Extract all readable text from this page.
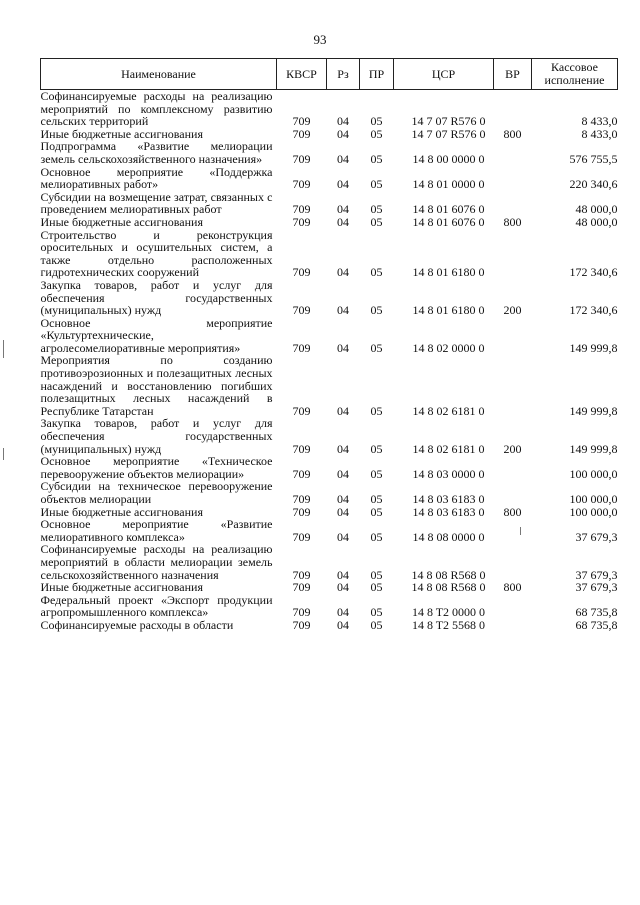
93
Наименование	КВСР	Рз	ПР	ЦСР	ВР	Кассовое исполнение
Софинансируемые расходы на реализацию мероприятий по комплексному развитию сельских территорий	709	04	05	14 7 07 R576 0		8 433,0
Иные бюджетные ассигнования	709	04	05	14 7 07 R576 0	800	8 433,0
Подпрограмма «Развитие мелиорации земель сельскохозяйственного назначения»	709	04	05	14 8 00 0000 0		576 755,5
Основное мероприятие «Поддержка мелиоративных работ»	709	04	05	14 8 01 0000 0		220 340,6
Субсидии на возмещение затрат, связанных с проведением мелиоративных работ	709	04	05	14 8 01 6076 0		48 000,0
Иные бюджетные ассигнования	709	04	05	14 8 01 6076 0	800	48 000,0
Строительство и реконструкция оросительных и осушительных систем, а также отдельно расположенных гидротехнических сооружений	709	04	05	14 8 01 6180 0		172 340,6
Закупка товаров, работ и услуг для обеспечения государственных (муниципальных) нужд	709	04	05	14 8 01 6180 0	200	172 340,6
Основное мероприятие «Культуртехнические, агролесомелиоративные мероприятия»	709	04	05	14 8 02 0000 0		149 999,8
Мероприятия по созданию противоэрозионных и полезащитных лесных насаждений и восстановлению погибших полезащитных лесных насаждений в Республике Татарстан	709	04	05	14 8 02 6181 0		149 999,8
Закупка товаров, работ и услуг для обеспечения государственных (муниципальных) нужд	709	04	05	14 8 02 6181 0	200	149 999,8
Основное мероприятие «Техническое перевооружение объектов мелиорации»	709	04	05	14 8 03 0000 0		100 000,0
Субсидии на техническое перевооружение объектов мелиорации	709	04	05	14 8 03 6183 0		100 000,0
Иные бюджетные ассигнования	709	04	05	14 8 03 6183 0	800	100 000,0
Основное мероприятие «Развитие мелиоративного комплекса»	709	04	05	14 8 08 0000 0		37 679,3
Софинансируемые расходы на реализацию мероприятий в области мелиорации земель сельскохозяйственного назначения	709	04	05	14 8 08 R568 0		37 679,3
Иные бюджетные ассигнования	709	04	05	14 8 08 R568 0	800	37 679,3
Федеральный проект «Экспорт продукции агропромышленного комплекса»	709	04	05	14 8 T2 0000 0		68 735,8
Софинансируемые расходы в области	709	04	05	14 8 T2 5568 0		68 735,8
